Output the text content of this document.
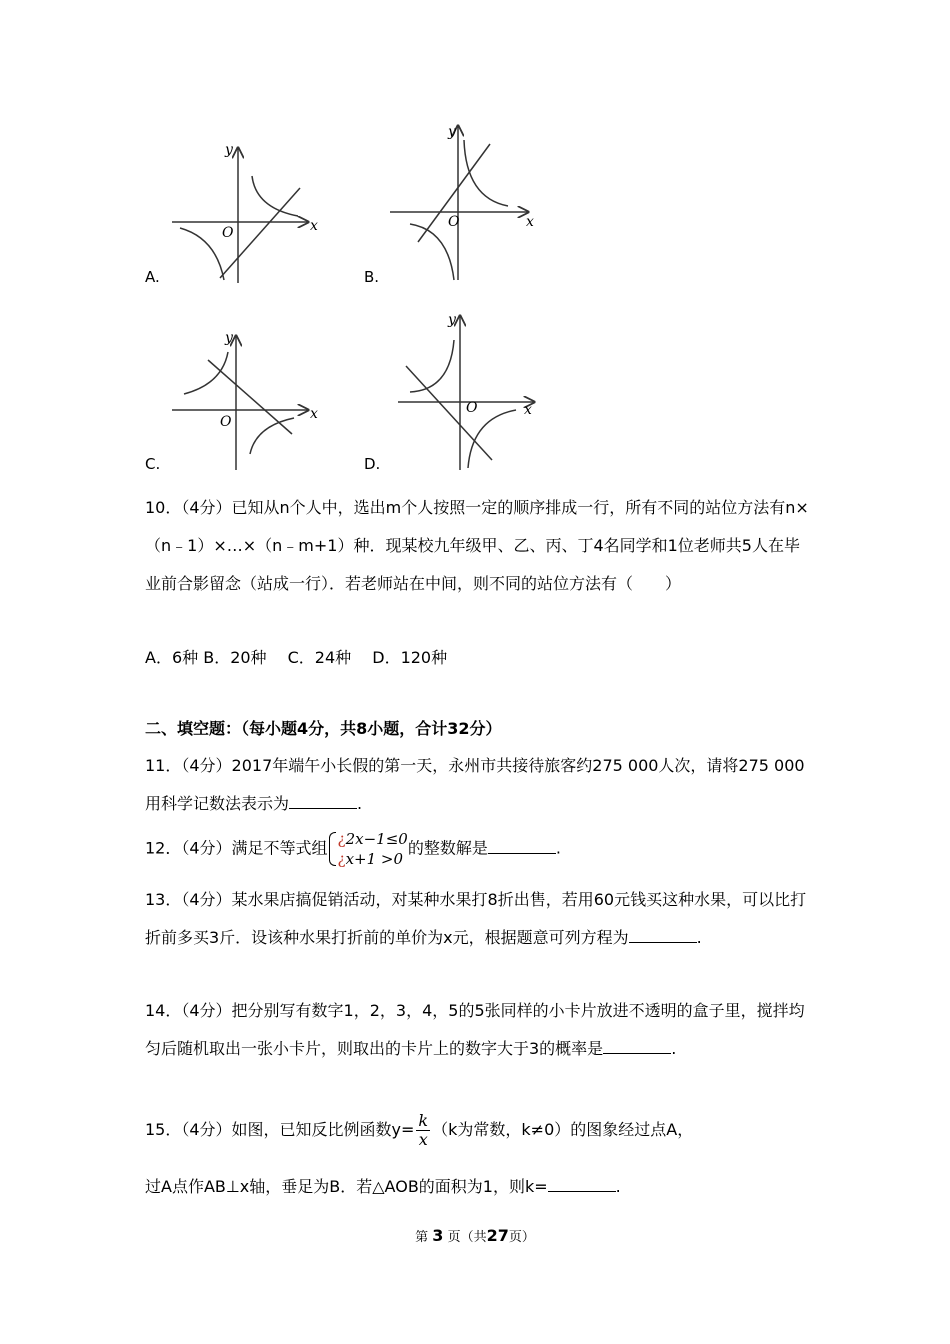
y
x
O
A.
y
x
O
B.
y
x
O
C.
y
x
O
D.
10．（4分）已知从n个人中，选出m个人按照一定的顺序排成一行，所有不同的站位方法有n×（n﹣1）×…×（n﹣m+1）种．现某校九年级甲、乙、丙、丁4名同学和1位老师共5人在毕业前合影留念（站成一行）．若老师站在中间，则不同的站位方法有（　　）
A．6种 B．20种　 C．24种　 D．120种
二、填空题：（每小题4分，共8小题，合计32分）
11．（4分）2017年端午小长假的第一天，永州市共接待旅客约275 000人次，请将275 000用科学记数法表示为	.
12．（4分）满足不等式组 ¿2x−1≤0
¿x+1 >0
的整数解是	.
13．（4分）某水果店搞促销活动，对某种水果打8折出售，若用60元钱买这种水果，可以比打折前多买3斤．设该种水果打折前的单价为x元，根据题意可列方程为	.
14．（4分）把分别写有数字1，2，3，4，5的5张同样的小卡片放进不透明的盒子里，搅拌均匀后随机取出一张小卡片，则取出的卡片上的数字大于3的概率是	.
15．（4分）如图，已知反比例函数$y= \frac{k}{x} (k$为常数，k≠0）的图象经过点A，
过A点作AB⊥x轴，垂足为B．若△AOB的面积为1，则k=	.
第 3 页（共27页）
